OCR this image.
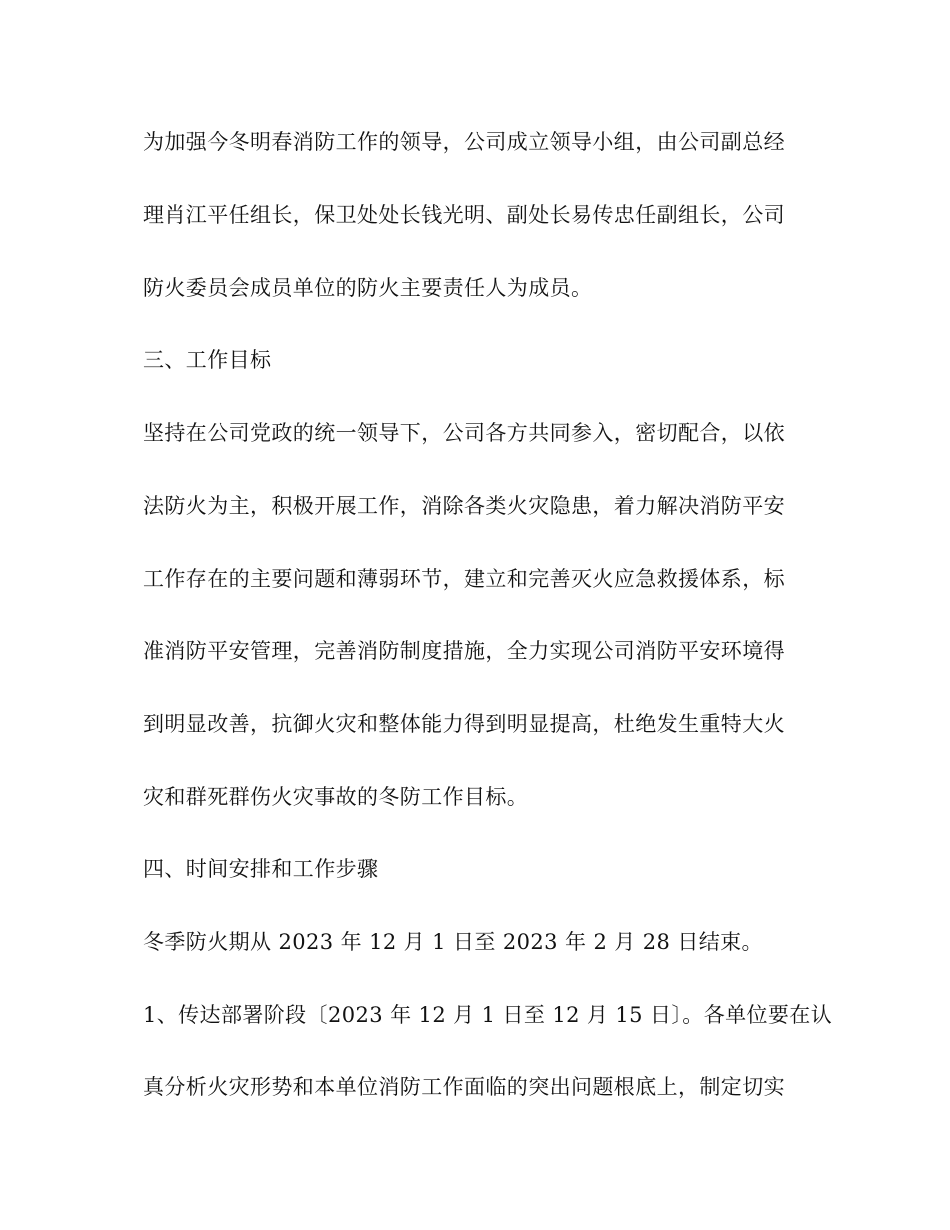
为加强今冬明春消防工作的领导，公司成立领导小组，由公司副总经
理肖江平任组长，保卫处处长钱光明、副处长易传忠任副组长，公司
防火委员会成员单位的防火主要责任人为成员。
三、工作目标
坚持在公司党政的统一领导下，公司各方共同参入，密切配合，以依
法防火为主，积极开展工作，消除各类火灾隐患，着力解决消防平安
工作存在的主要问题和薄弱环节，建立和完善灭火应急救援体系，标
准消防平安管理，完善消防制度措施，全力实现公司消防平安环境得
到明显改善，抗御火灾和整体能力得到明显提高，杜绝发生重特大火
灾和群死群伤火灾事故的冬防工作目标。
四、时间安排和工作步骤
冬季防火期从 2023 年 12 月 1 日至 2023 年 2 月 28 日结束。
1、传达部署阶段〔2023 年 12 月 1 日至 12 月 15 日〕。各单位要在认
真分析火灾形势和本单位消防工作面临的突出问题根底上，制定切实
